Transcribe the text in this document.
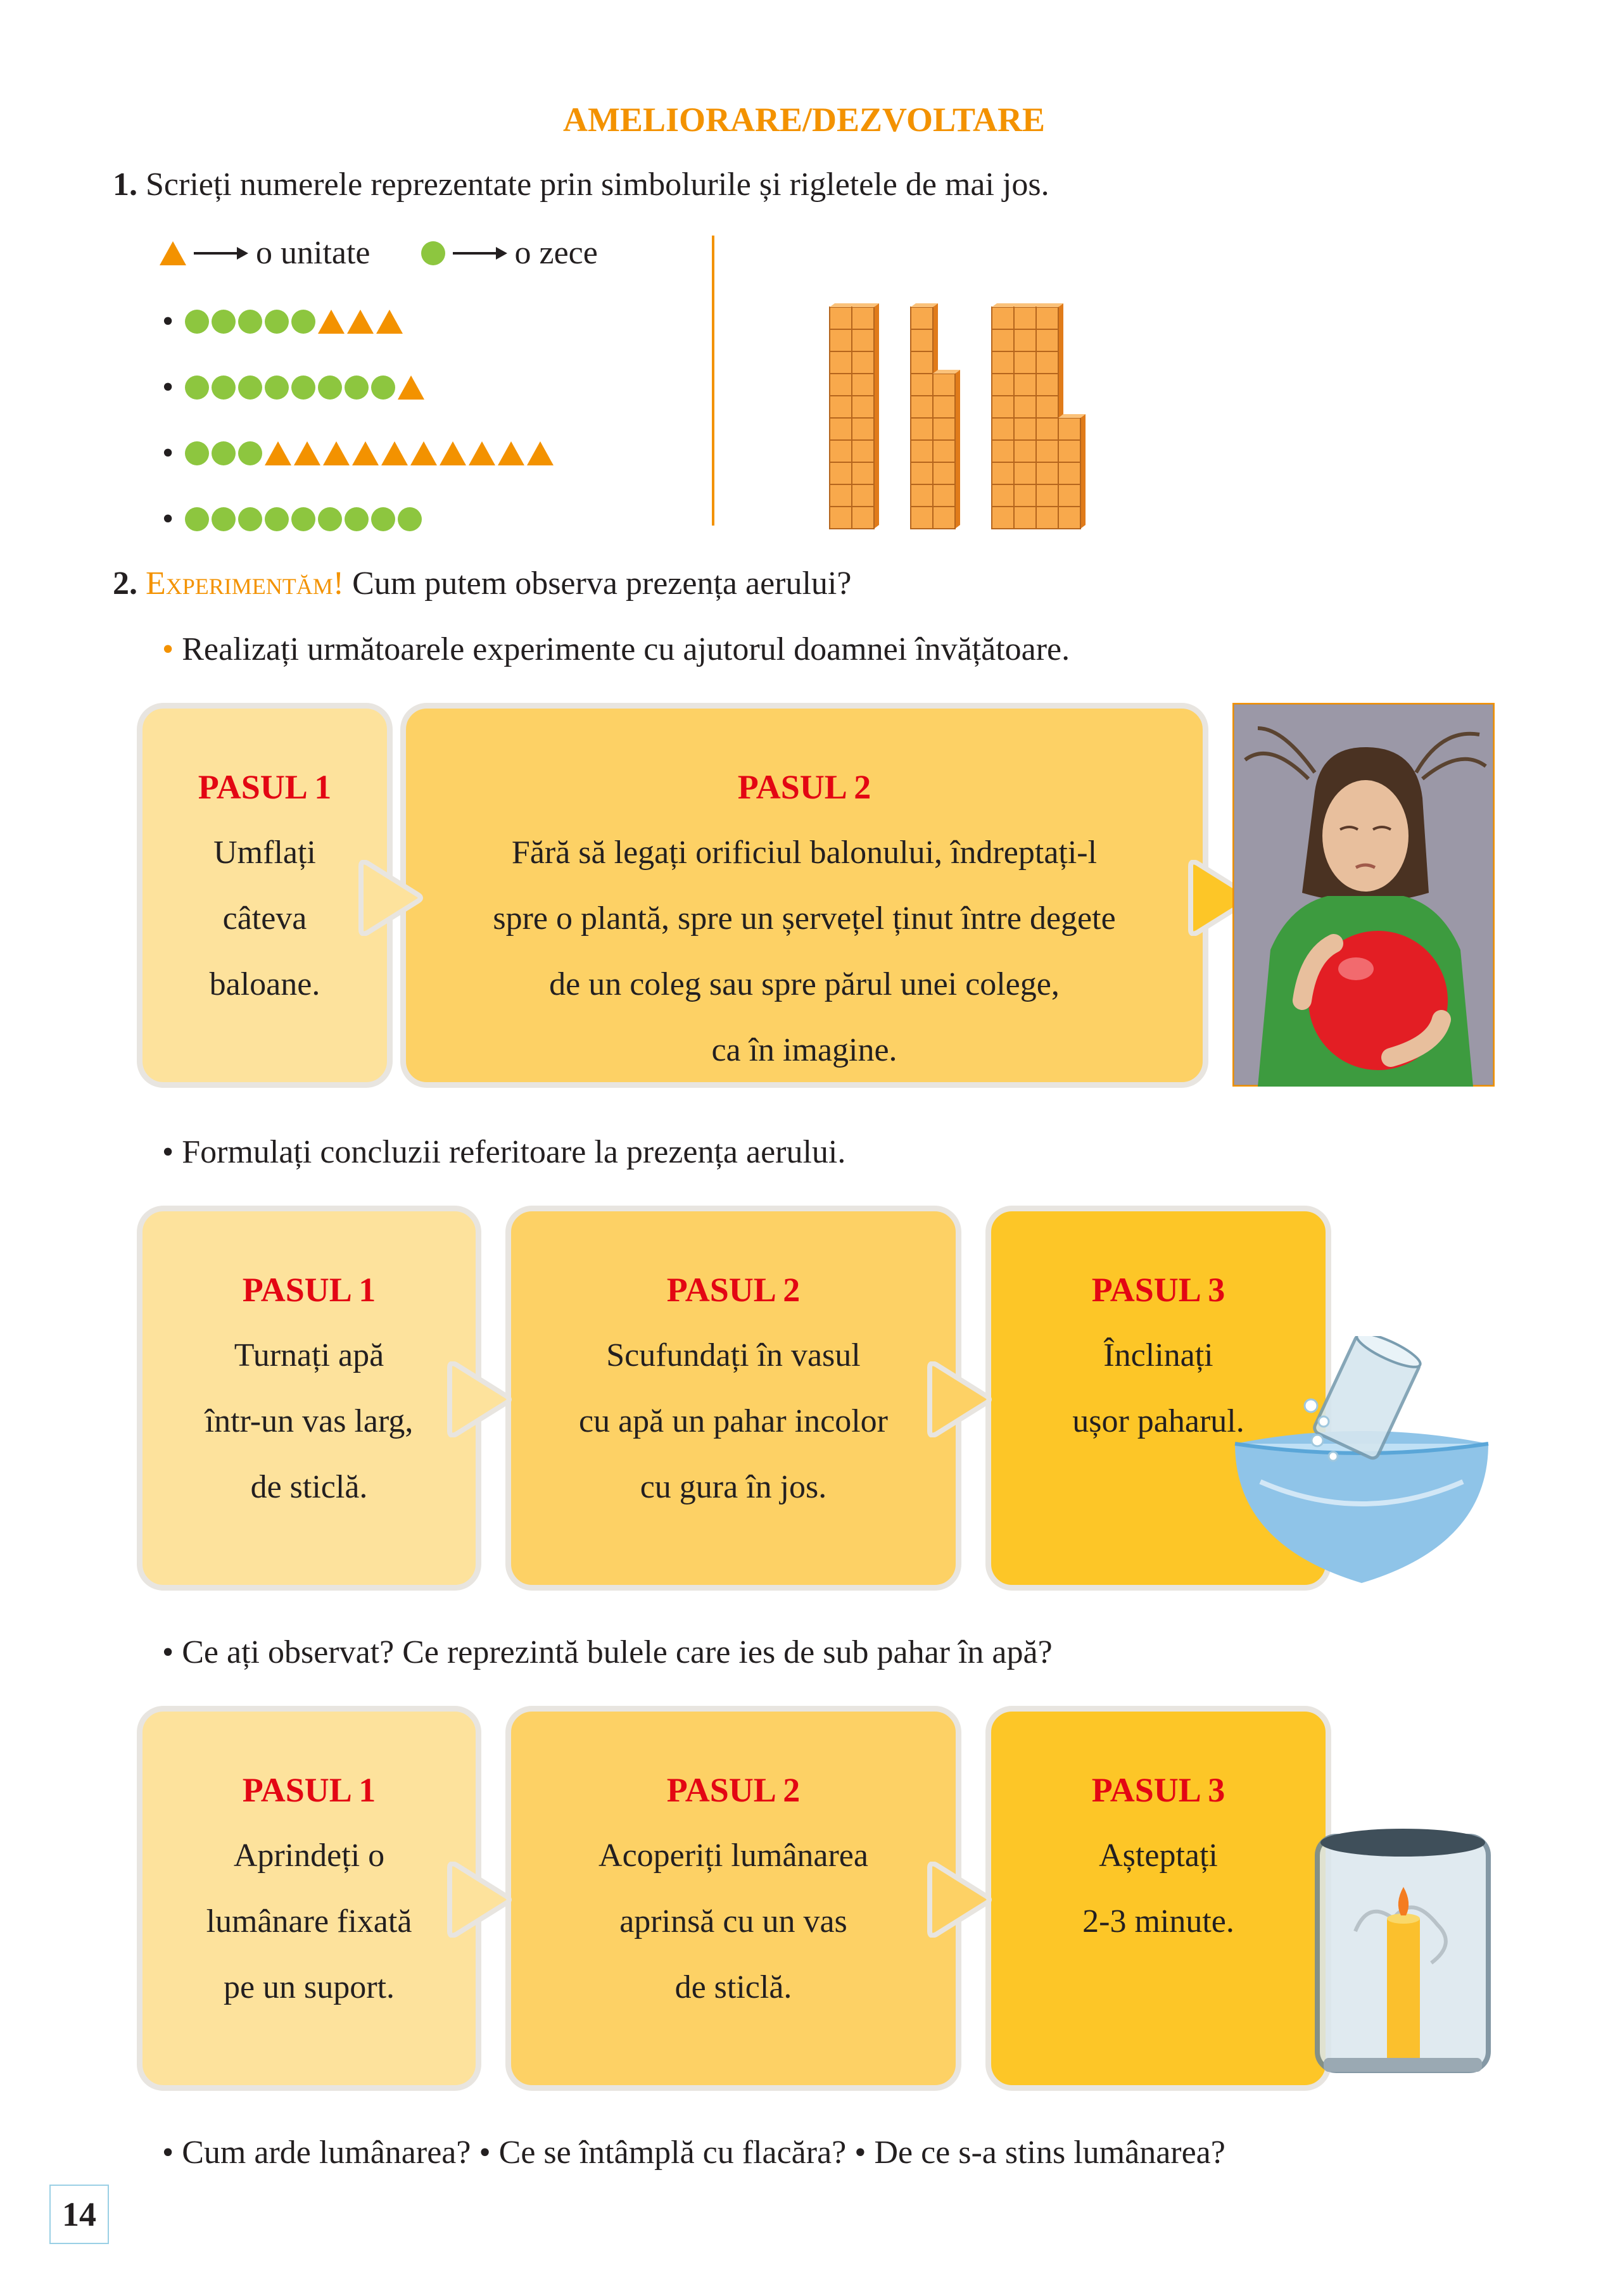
AMELIORARE/DEZVOLTARE
1. Scrieți numerele reprezentate prin simbolurile și rigletele de mai jos.
o unitate	o zece
•
•
•
•
2. Experimentăm! Cum putem observa prezența aerului?
• Realizați următoarele experimente cu ajutorul doamnei învățătoare.
PASUL 1
Umflați
câteva
baloane.
PASUL 2
Fără să legați orificiul balonului, îndreptați-l
spre o plantă, spre un șervețel ținut între degete
de un coleg sau spre părul unei colege,
ca în imagine.
• Formulați concluzii referitoare la prezența aerului.
PASUL 1
Turnați apă
într-un vas larg,
de sticlă.
PASUL 2
Scufundați în vasul
cu apă un pahar incolor
cu gura în jos.
PASUL 3
Înclinați
ușor paharul.
• Ce ați observat? Ce reprezintă bulele care ies de sub pahar în apă?
PASUL 1
Aprindeți o
lumânare fixată
pe un suport.
PASUL 2
Acoperiți lumânarea
aprinsă cu un vas
de sticlă.
PASUL 3
Așteptați
2-3 minute.
• Cum arde lumânarea? • Ce se întâmplă cu flacăra? • De ce s-a stins lumânarea?
14
